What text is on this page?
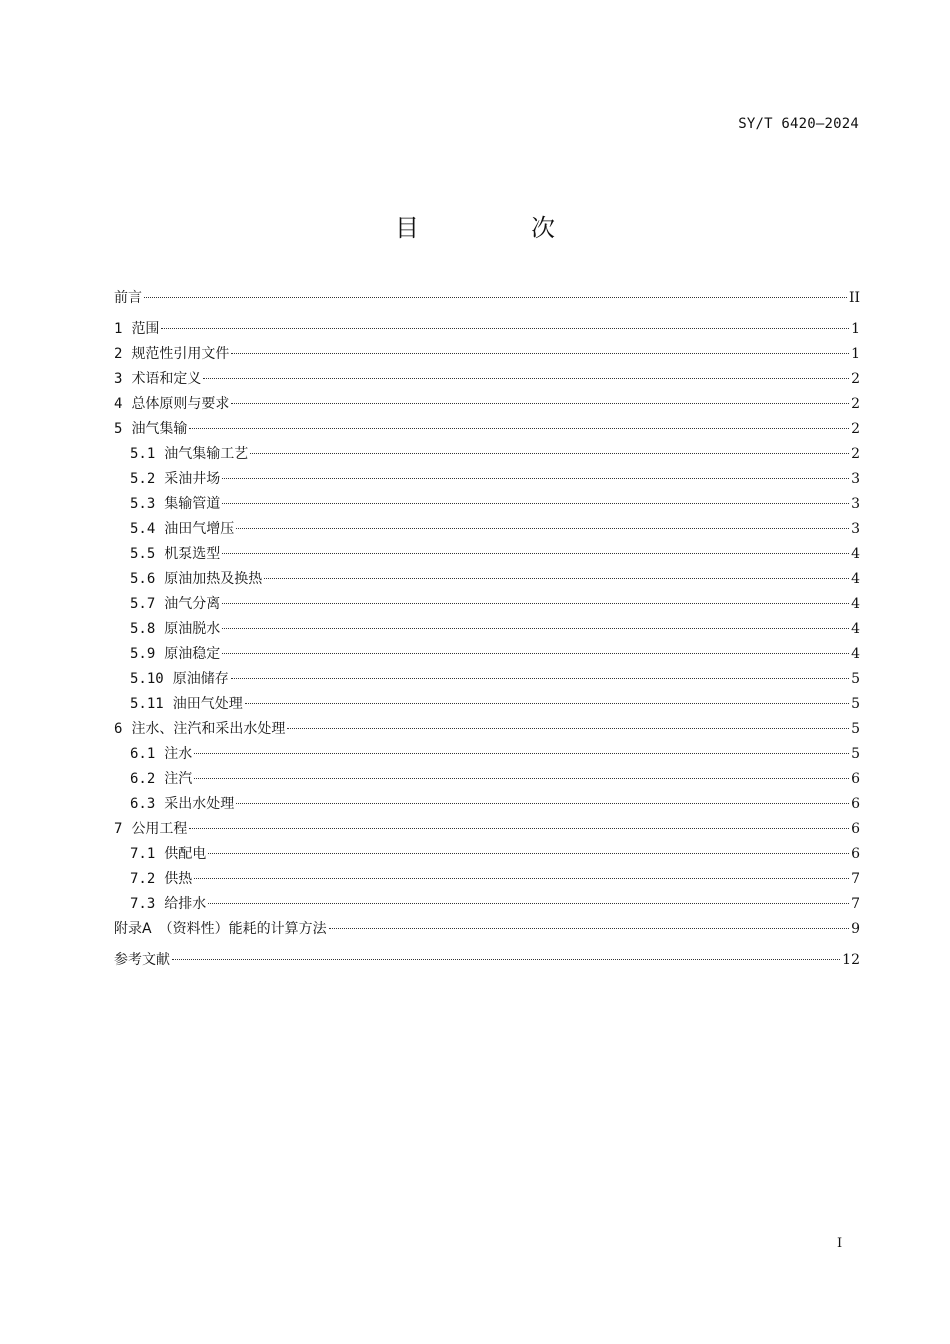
SY/T 6420—2024
目　次
前言	II
1 范围	1
2 规范性引用文件	1
3 术语和定义	2
4 总体原则与要求	2
5 油气集输	2
5.1 油气集输工艺	2
5.2 采油井场	3
5.3 集输管道	3
5.4 油田气增压	3
5.5 机泵选型	4
5.6 原油加热及换热	4
5.7 油气分离	4
5.8 原油脱水	4
5.9 原油稳定	4
5.10 原油储存	5
5.11 油田气处理	5
6 注水、注汽和采出水处理	5
6.1 注水	5
6.2 注汽	6
6.3 采出水处理	6
7 公用工程	6
7.1 供配电	6
7.2 供热	7
7.3 给排水	7
附录A　（资料性）能耗的计算方法	9
参考文献	12
I
